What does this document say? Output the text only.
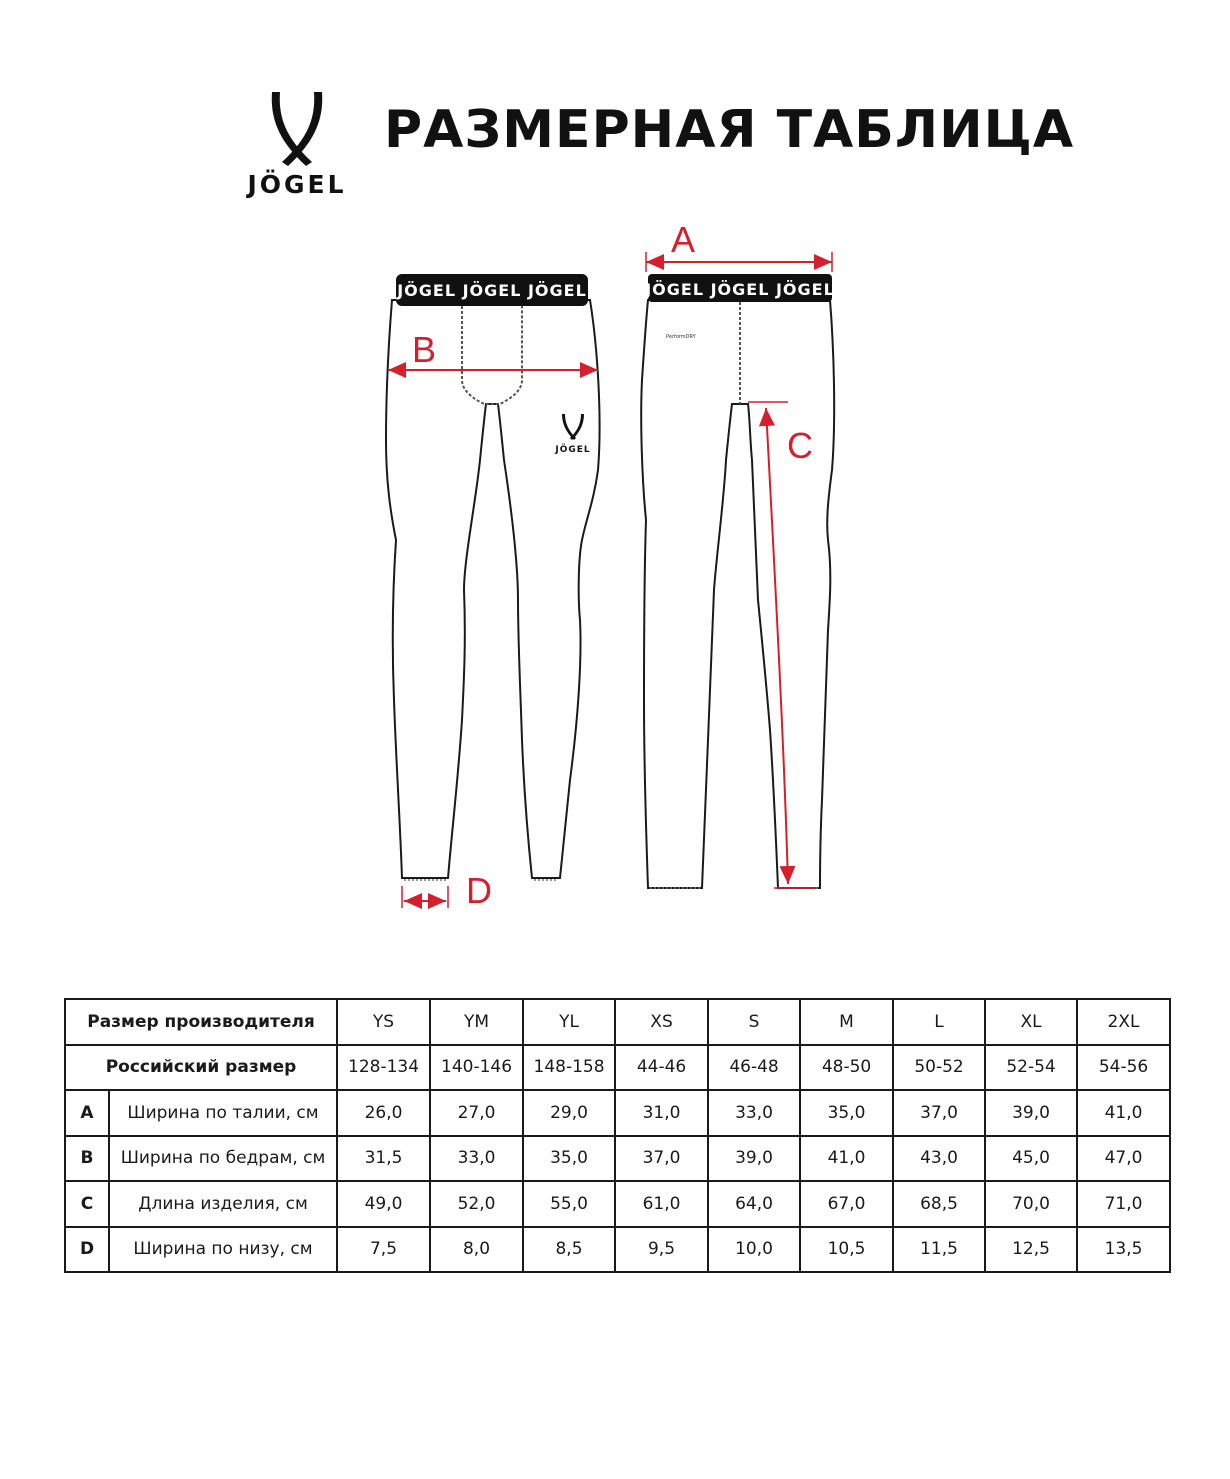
JÖGEL
РАЗМЕРНАЯ ТАБЛИЦА
JÖGEL JÖGEL JÖGEL
JÖGEL
JÖGEL JÖGEL JÖGEL
PerformDRY
A
B
C
D
Размер производителя		YS	YM	YL	XS	S	M	L	XL	2XL
Российский размер		128-134	140-146	148-158	44-46	46-48	48-50	50-52	52-54	54-56
A	Ширина по талии, см	26,0	27,0	29,0	31,0	33,0	35,0	37,0	39,0	41,0
B	Ширина по бедрам, см	31,5	33,0	35,0	37,0	39,0	41,0	43,0	45,0	47,0
C	Длина изделия, см	49,0	52,0	55,0	61,0	64,0	67,0	68,5	70,0	71,0
D	Ширина по низу, см	7,5	8,0	8,5	9,5	10,0	10,5	11,5	12,5	13,5
